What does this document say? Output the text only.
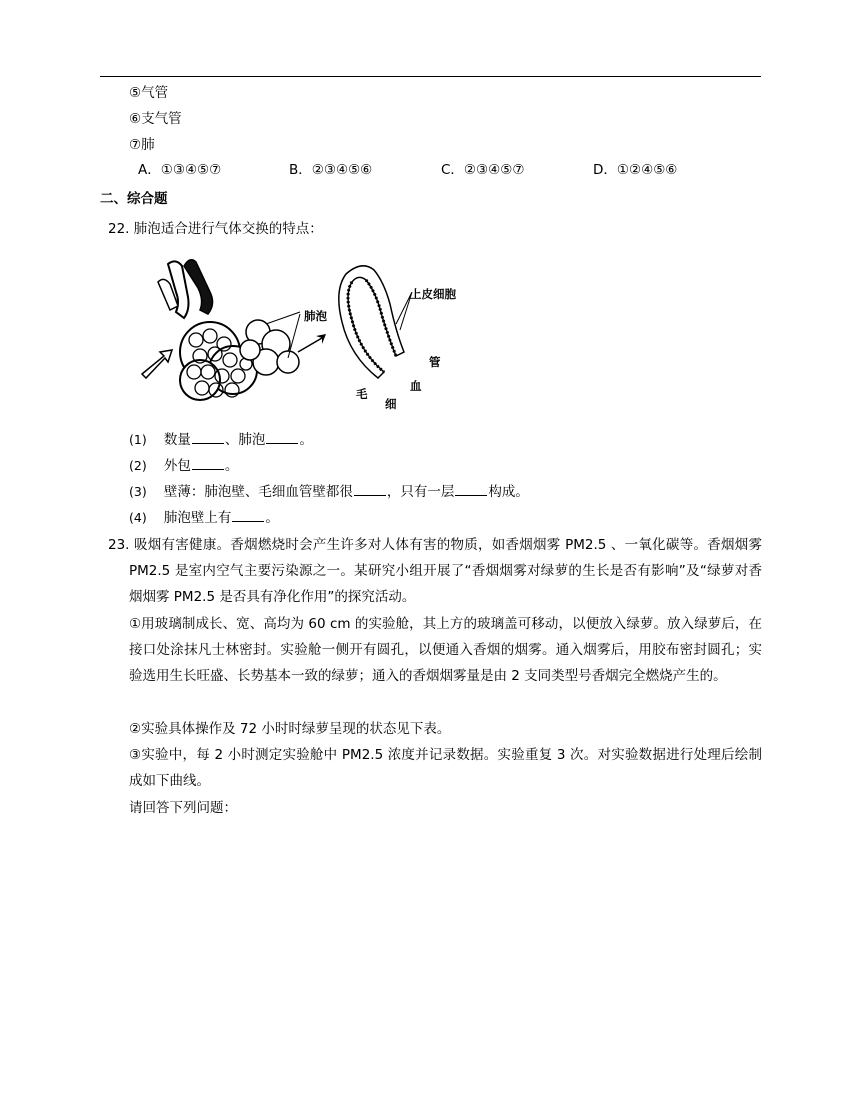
⑤气管
⑥支气管
⑦肺
A．①③④⑤⑦	B．②③④⑤⑥	C．②③④⑤⑦	D．①②④⑤⑥
二、综合题
22. 肺泡适合进行气体交换的特点：
肺泡
上皮细胞
毛
细
血
管
(1) 数量	、肺泡	。
(2) 外包	。
(3) 壁薄：肺泡壁、毛细血管壁都很	，只有一层	构成。
(4) 肺泡壁上有	。
23. 吸烟有害健康。香烟燃烧时会产生许多对人体有害的物质，如香烟烟雾 PM2.5 、一氧化碳等。香烟烟雾 PM2.5 是室内空气主要污染源之一。某研究小组开展了“香烟烟雾对绿萝的生长是否有影响”及“绿萝对香烟烟雾 PM2.5 是否具有净化作用”的探究活动。
①用玻璃制成长、宽、高均为 60 cm 的实验舱，其上方的玻璃盖可移动，以便放入绿萝。放入绿萝后，在接口处涂抹凡士林密封。实验舱一侧开有圆孔，以便通入香烟的烟雾。通入烟雾后，用胶布密封圆孔；实验选用生长旺盛、长势基本一致的绿萝；通入的香烟烟雾量是由 2 支同类型号香烟完全燃烧产生的。
②实验具体操作及 72 小时时绿萝呈现的状态见下表。
③实验中，每 2 小时测定实验舱中 PM2.5 浓度并记录数据。实验重复 3 次。对实验数据进行处理后绘制成如下曲线。
请回答下列问题：
